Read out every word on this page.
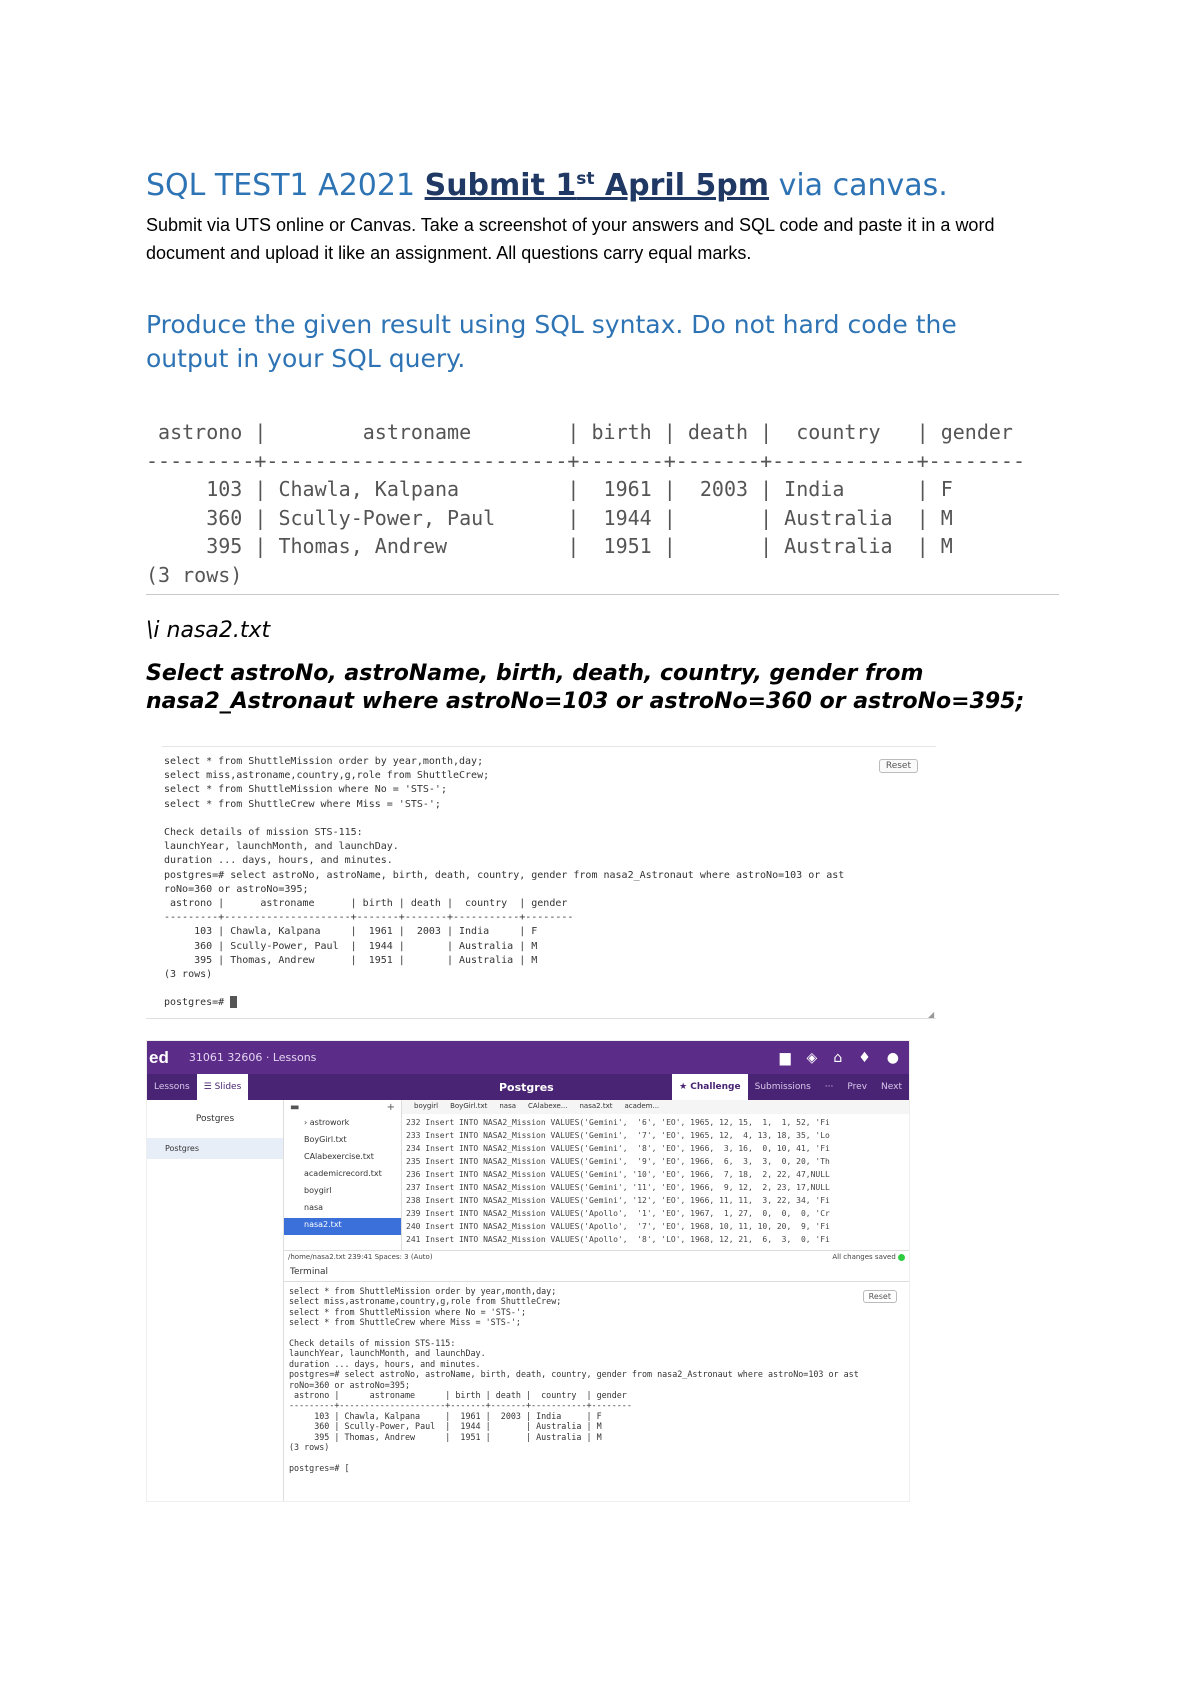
SQL TEST1 A2021 Submit 1st April 5pm via canvas.

Submit via UTS online or Canvas. Take a screenshot of your answers and SQL code and paste it in a word document and upload it like an assignment. All questions carry equal marks.

Produce the given result using SQL syntax. Do not hard code the output in your SQL query.
astrono |        astroname        | birth | death |  country   | gender
---------+-------------------------+-------+-------+------------+--------
103 | Chawla, Kalpana         |  1961 |  2003 | India      | F
360 | Scully-Power, Paul      |  1944 |       | Australia  | M
395 | Thomas, Andrew          |  1951 |       | Australia  | M
(3 rows)
\i nasa2.txt
Select astroNo, astroName, birth, death, country, gender from nasa2_Astronaut where astroNo=103 or astroNo=360 or astroNo=395;
select * from ShuttleMission order by year,month,day;
select miss,astroname,country,g,role from ShuttleCrew;
select * from ShuttleMission where No = 'STS-';
select * from ShuttleCrew where Miss = 'STS-';

Check details of mission STS-115:
launchYear, launchMonth, and launchDay.
duration ... days, hours, and minutes.
postgres=# select astroNo, astroName, birth, death, country, gender from nasa2_Astronaut where astroNo=103 or ast
roNo=360 or astroNo=395;
astrono |      astroname      | birth | death |  country  | gender
---------+---------------------+-------+-------+-----------+--------
103 | Chawla, Kalpana     |  1961 |  2003 | India     | F
360 | Scully-Power, Paul  |  1944 |       | Australia | M
395 | Thomas, Andrew      |  1951 |       | Australia | M
(3 rows)

postgres=#
Reset
◢
ed 31061 32606 · Lessons	▆ ◈ ⌂ ♦ ●
Lessons	☰ Slides	Postgres	★ Challenge	Submissions	···	Prev	Next
Postgres
Postgres
▬	+
› astrowork
BoyGirl.txt
CAlabexercise.txt
academicrecord.txt
boygirl
nasa
nasa2.txt
boygirl	BoyGirl.txt	nasa	CAlabexe...	nasa2.txt	academ...
232 Insert INTO NASA2_Mission VALUES('Gemini',  '6', 'EO', 1965, 12, 15,  1,  1, 52, 'Fi
233 Insert INTO NASA2_Mission VALUES('Gemini',  '7', 'EO', 1965, 12,  4, 13, 18, 35, 'Lo
234 Insert INTO NASA2_Mission VALUES('Gemini',  '8', 'EO', 1966,  3, 16,  0, 10, 41, 'Fi
235 Insert INTO NASA2_Mission VALUES('Gemini',  '9', 'EO', 1966,  6,  3,  3,  0, 20, 'Th
236 Insert INTO NASA2_Mission VALUES('Gemini', '10', 'EO', 1966,  7, 18,  2, 22, 47,NULL
237 Insert INTO NASA2_Mission VALUES('Gemini', '11', 'EO', 1966,  9, 12,  2, 23, 17,NULL
238 Insert INTO NASA2_Mission VALUES('Gemini', '12', 'EO', 1966, 11, 11,  3, 22, 34, 'Fi
239 Insert INTO NASA2_Mission VALUES('Apollo',  '1', 'EO', 1967,  1, 27,  0,  0,  0, 'Cr
240 Insert INTO NASA2_Mission VALUES('Apollo',  '7', 'EO', 1968, 10, 11, 10, 20,  9, 'Fi
241 Insert INTO NASA2_Mission VALUES('Apollo',  '8', 'LO', 1968, 12, 21,  6,  3,  0, 'Fi
/home/nasa2.txt 239:41 Spaces: 3 (Auto)	All changes saved
Terminal
Reset
select * from ShuttleMission order by year,month,day;
select miss,astroname,country,g,role from ShuttleCrew;
select * from ShuttleMission where No = 'STS-';
select * from ShuttleCrew where Miss = 'STS-';

Check details of mission STS-115:
launchYear, launchMonth, and launchDay.
duration ... days, hours, and minutes.
postgres=# select astroNo, astroName, birth, death, country, gender from nasa2_Astronaut where astroNo=103 or ast
roNo=360 or astroNo=395;
astrono |      astroname      | birth | death |  country  | gender
---------+---------------------+-------+-------+-----------+--------
103 | Chawla, Kalpana     |  1961 |  2003 | India     | F
360 | Scully-Power, Paul  |  1944 |       | Australia | M
395 | Thomas, Andrew      |  1951 |       | Australia | M
(3 rows)

postgres=# [
